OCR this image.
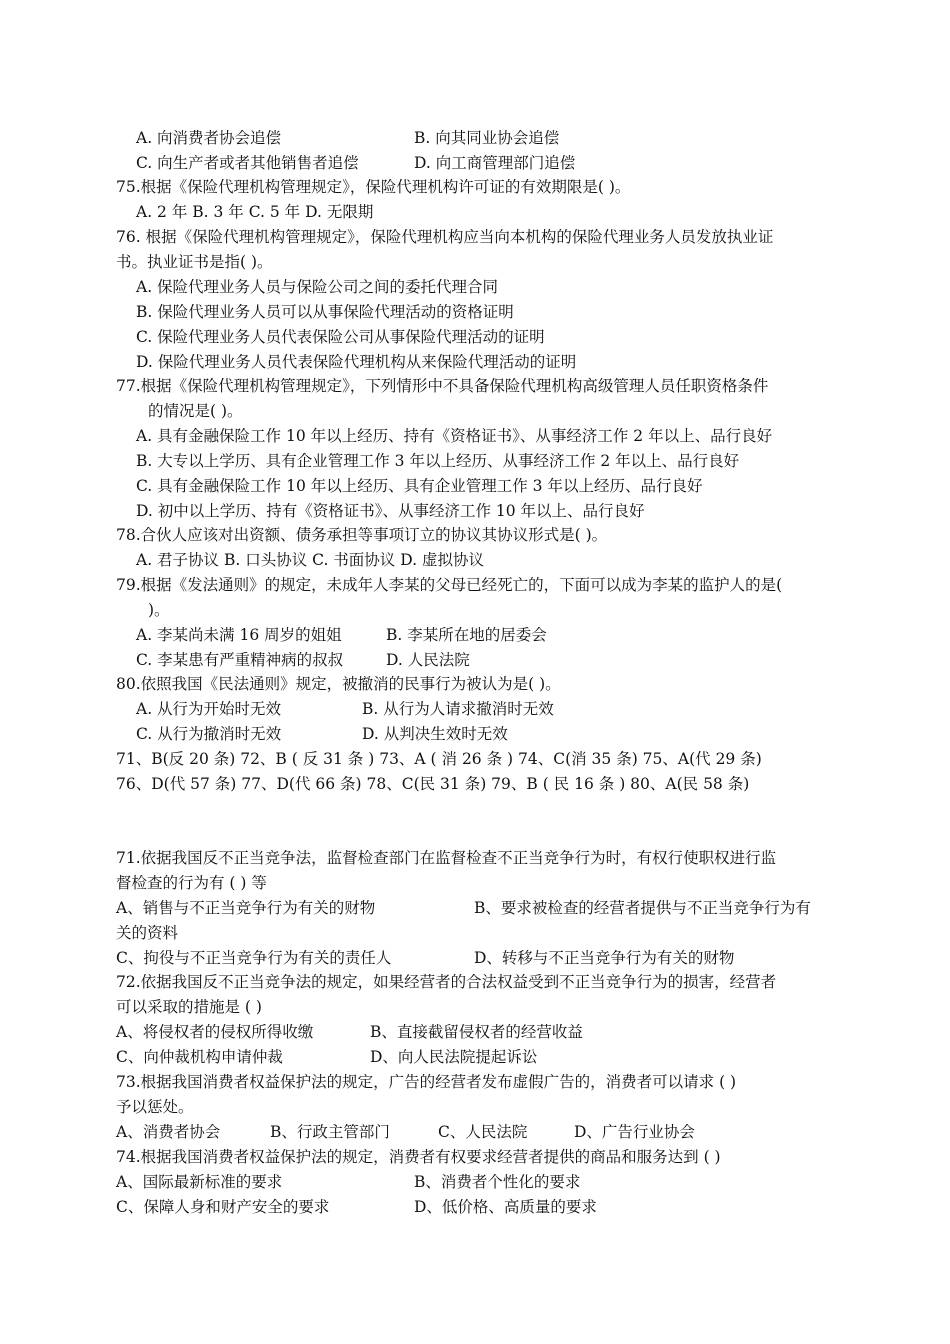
A. 向消费者协会追偿	B. 向其同业协会追偿
C. 向生产者或者其他销售者追偿	D. 向工商管理部门追偿
75.根据《保险代理机构管理规定》，保险代理机构许可证的有效期限是( )。
A. 2 年 B. 3 年 C. 5 年 D. 无限期
76. 根据《保险代理机构管理规定》，保险代理机构应当向本机构的保险代理业务人员发放执业证
书。执业证书是指( )。
A. 保险代理业务人员与保险公司之间的委托代理合同
B. 保险代理业务人员可以从事保险代理活动的资格证明
C. 保险代理业务人员代表保险公司从事保险代理活动的证明
D. 保险代理业务人员代表保险代理机构从来保险代理活动的证明
77.根据《保险代理机构管理规定》，下列情形中不具备保险代理机构高级管理人员任职资格条件
的情况是( )。
A. 具有金融保险工作 10 年以上经历、持有《资格证书》、从事经济工作 2 年以上、品行良好
B. 大专以上学历、具有企业管理工作 3 年以上经历、从事经济工作 2 年以上、品行良好
C. 具有金融保险工作 10 年以上经历、具有企业管理工作 3 年以上经历、品行良好
D. 初中以上学历、持有《资格证书》、从事经济工作 10 年以上、品行良好
78.合伙人应该对出资额、债务承担等事项订立的协议其协议形式是( )。
A. 君子协议 B. 口头协议 C. 书面协议 D. 虚拟协议
79.根据《发法通则》的规定，未成年人李某的父母已经死亡的，下面可以成为李某的监护人的是(
)。
A. 李某尚未满 16 周岁的姐姐	B. 李某所在地的居委会
C. 李某患有严重精神病的叔叔	D. 人民法院
80.依照我国《民法通则》规定，被撤消的民事行为被认为是( )。
A. 从行为开始时无效	B. 从行为人请求撤消时无效
C. 从行为撤消时无效	D. 从判决生效时无效
71、B(反 20 条) 72、B ( 反 31 条 ) 73、A ( 消 26 条 ) 74、C(消 35 条) 75、A(代 29 条)
76、D(代 57 条) 77、D(代 66 条) 78、C(民 31 条) 79、B ( 民 16 条 ) 80、A(民 58 条)
71.依据我国反不正当竞争法，监督检查部门在监督检查不正当竞争行为时，有权行使职权进行监
督检查的行为有 ( ) 等
A、销售与不正当竞争行为有关的财物	B、要求被检查的经营者提供与不正当竞争行为有
关的资料
C、拘役与不正当竞争行为有关的责任人	D、转移与不正当竞争行为有关的财物
72.依据我国反不正当竞争法的规定，如果经营者的合法权益受到不正当竞争行为的损害，经营者
可以采取的措施是 ( )
A、将侵权者的侵权所得收缴	B、直接截留侵权者的经营收益
C、向仲裁机构申请仲裁	D、向人民法院提起诉讼
73.根据我国消费者权益保护法的规定，广告的经营者发布虚假广告的，消费者可以请求 ( )
予以惩处。
A、消费者协会	B、行政主管部门	C、人民法院	D、广告行业协会
74.根据我国消费者权益保护法的规定，消费者有权要求经营者提供的商品和服务达到 ( )
A、国际最新标准的要求	B、消费者个性化的要求
C、保障人身和财产安全的要求	D、低价格、高质量的要求
